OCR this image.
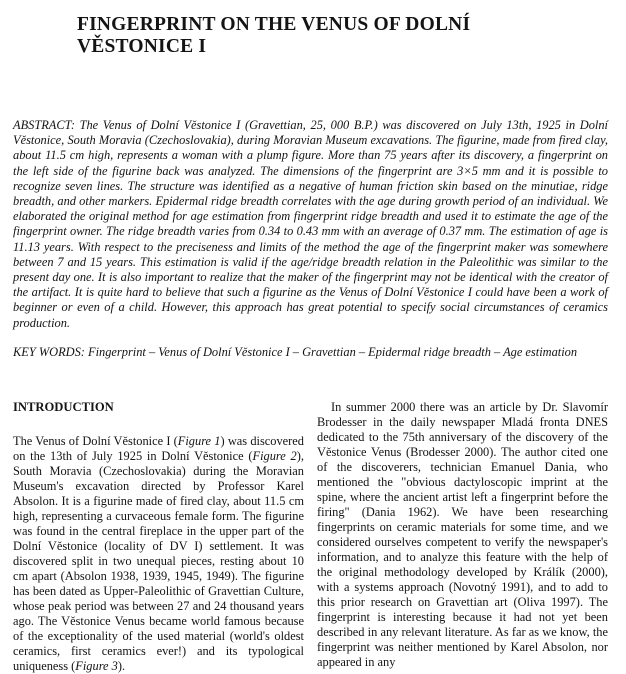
FINGERPRINT ON THE VENUS OF DOLNÍ
VĚSTONICE I

ABSTRACT: The Venus of Dolní Věstonice I (Gravettian, 25, 000 B.P.) was discovered on July 13th, 1925 in Dolní Věstonice, South Moravia (Czechoslovakia), during Moravian Museum excavations. The figurine, made from fired clay, about 11.5 cm high, represents a woman with a plump figure. More than 75 years after its discovery, a fingerprint on the left side of the figurine back was analyzed. The dimensions of the fingerprint are 3×5 mm and it is possible to recognize seven lines. The structure was identified as a negative of human friction skin based on the minutiae, ridge breadth, and other markers. Epidermal ridge breadth correlates with the age during growth period of an individual. We elaborated the original method for age estimation from fingerprint ridge breadth and used it to estimate the age of the fingerprint owner. The ridge breadth varies from 0.34 to 0.43 mm with an average of 0.37 mm. The estimation of age is 11.13 years. With respect to the preciseness and limits of the method the age of the fingerprint maker was somewhere between 7 and 15 years. This estimation is valid if the age/ridge breadth relation in the Paleolithic was similar to the present day one. It is also important to realize that the maker of the fingerprint may not be identical with the creator of the artifact. It is quite hard to believe that such a figurine as the Venus of Dolní Věstonice I could have been a work of beginner or even of a child. However, this approach has great potential to specify social circumstances of ceramics production.

KEY WORDS: Fingerprint – Venus of Dolní Věstonice I – Gravettian – Epidermal ridge breadth – Age estimation

INTRODUCTION

The Venus of Dolní Věstonice I (Figure 1) was discovered on the 13th of July 1925 in Dolní Věstonice (Figure 2), South Moravia (Czechoslovakia) during the Moravian Museum's excavation directed by Professor Karel Absolon. It is a figurine made of fired clay, about 11.5 cm high, representing a curvaceous female form. The figurine was found in the central fireplace in the upper part of the Dolní Věstonice (locality of DV I) settlement. It was discovered split in two unequal pieces, resting about 10 cm apart (Absolon 1938, 1939, 1945, 1949). The figurine has been dated as Upper-Paleolithic of Gravettian Culture, whose peak period was between 27 and 24 thousand years ago. The Věstonice Venus became world famous because of the exceptionality of the used material (world's oldest ceramics, first ceramics ever!) and its typological uniqueness (Figure 3).

In summer 2000 there was an article by Dr. Slavomír Brodesser in the daily newspaper Mladá fronta DNES dedicated to the 75th anniversary of the discovery of the Věstonice Venus (Brodesser 2000). The author cited one of the discoverers, technician Emanuel Dania, who mentioned the "obvious dactyloscopic imprint at the spine, where the ancient artist left a fingerprint before the firing" (Dania 1962). We have been researching fingerprints on ceramic materials for some time, and we considered ourselves competent to verify the newspaper's information, and to analyze this feature with the help of the original methodology developed by Králík (2000), with a systems approach (Novotný 1991), and to add to this prior research on Gravettian art (Oliva 1997). The fingerprint is interesting because it had not yet been described in any relevant literature. As far as we know, the fingerprint was neither mentioned by Karel Absolon, nor appeared in any
